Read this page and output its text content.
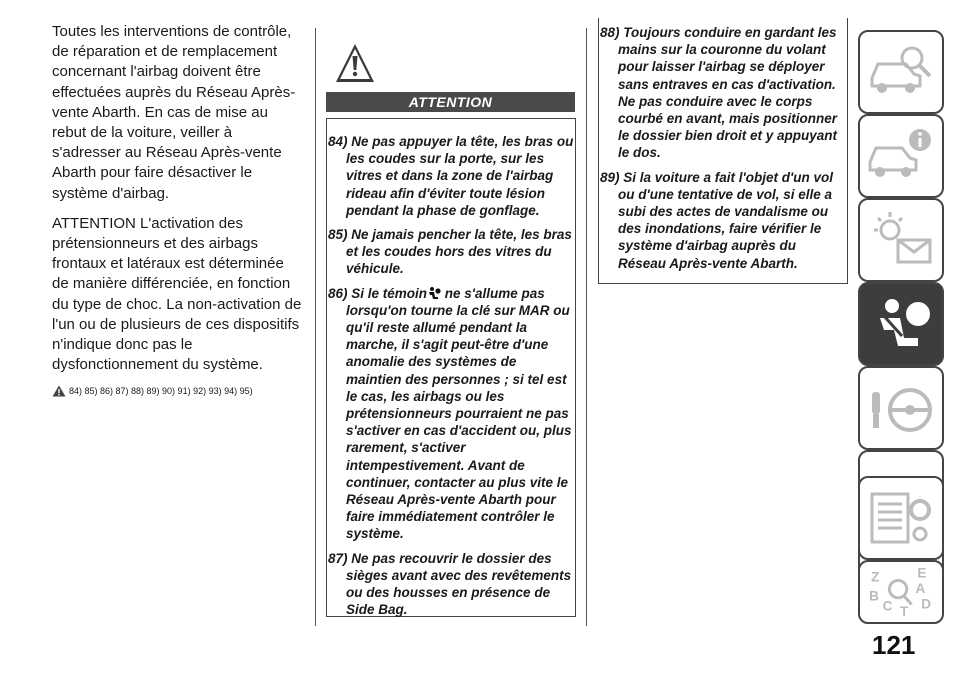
Toutes les interventions de contrôle, de réparation et de remplacement concernant l'airbag doivent être effectuées auprès du Réseau Après-vente Abarth. En cas de mise au rebut de la voiture, veiller à s'adresser au Réseau Après-vente Abarth pour faire désactiver le système d'airbag.

ATTENTION L'activation des prétensionneurs et des airbags frontaux et latéraux est déterminée de manière différenciée, en fonction du type de choc. La non-activation de l'un ou de plusieurs de ces dispositifs n'indique donc pas le dysfonctionnement du système.

84) 85) 86) 87) 88) 89) 90) 91) 92) 93) 94) 95)
ATTENTION
84) Ne pas appuyer la tête, les bras ou les coudes sur la porte, sur les vitres et dans la zone de l'airbag rideau afin d'éviter toute lésion pendant la phase de gonflage.
85) Ne jamais pencher la tête, les bras et les coudes hors des vitres du véhicule.
86) Si le témoin ne s'allume pas lorsqu'on tourne la clé sur MAR ou qu'il reste allumé pendant la marche, il s'agit peut-être d'une anomalie des systèmes de maintien des personnes ; si tel est le cas, les airbags ou les prétensionneurs pourraient ne pas s'activer en cas d'accident ou, plus rarement, s'activer intempestivement. Avant de continuer, contacter au plus vite le Réseau Après-vente Abarth pour faire immédiatement contrôler le système.
87) Ne pas recouvrir le dossier des sièges avant avec des revêtements ou des housses en présence de Side Bag.
88) Toujours conduire en gardant les mains sur la couronne du volant pour laisser l'airbag se déployer sans entraves en cas d'activation. Ne pas conduire avec le corps courbé en avant, mais positionner le dossier bien droit et y appuyant le dos.
89) Si la voiture a fait l'objet d'un vol ou d'une tentative de vol, si elle a subi des actes de vandalisme ou des inondations, faire vérifier le système d'airbag auprès du Réseau Après-vente Abarth.
Z	E
A
B
C T
D
121
